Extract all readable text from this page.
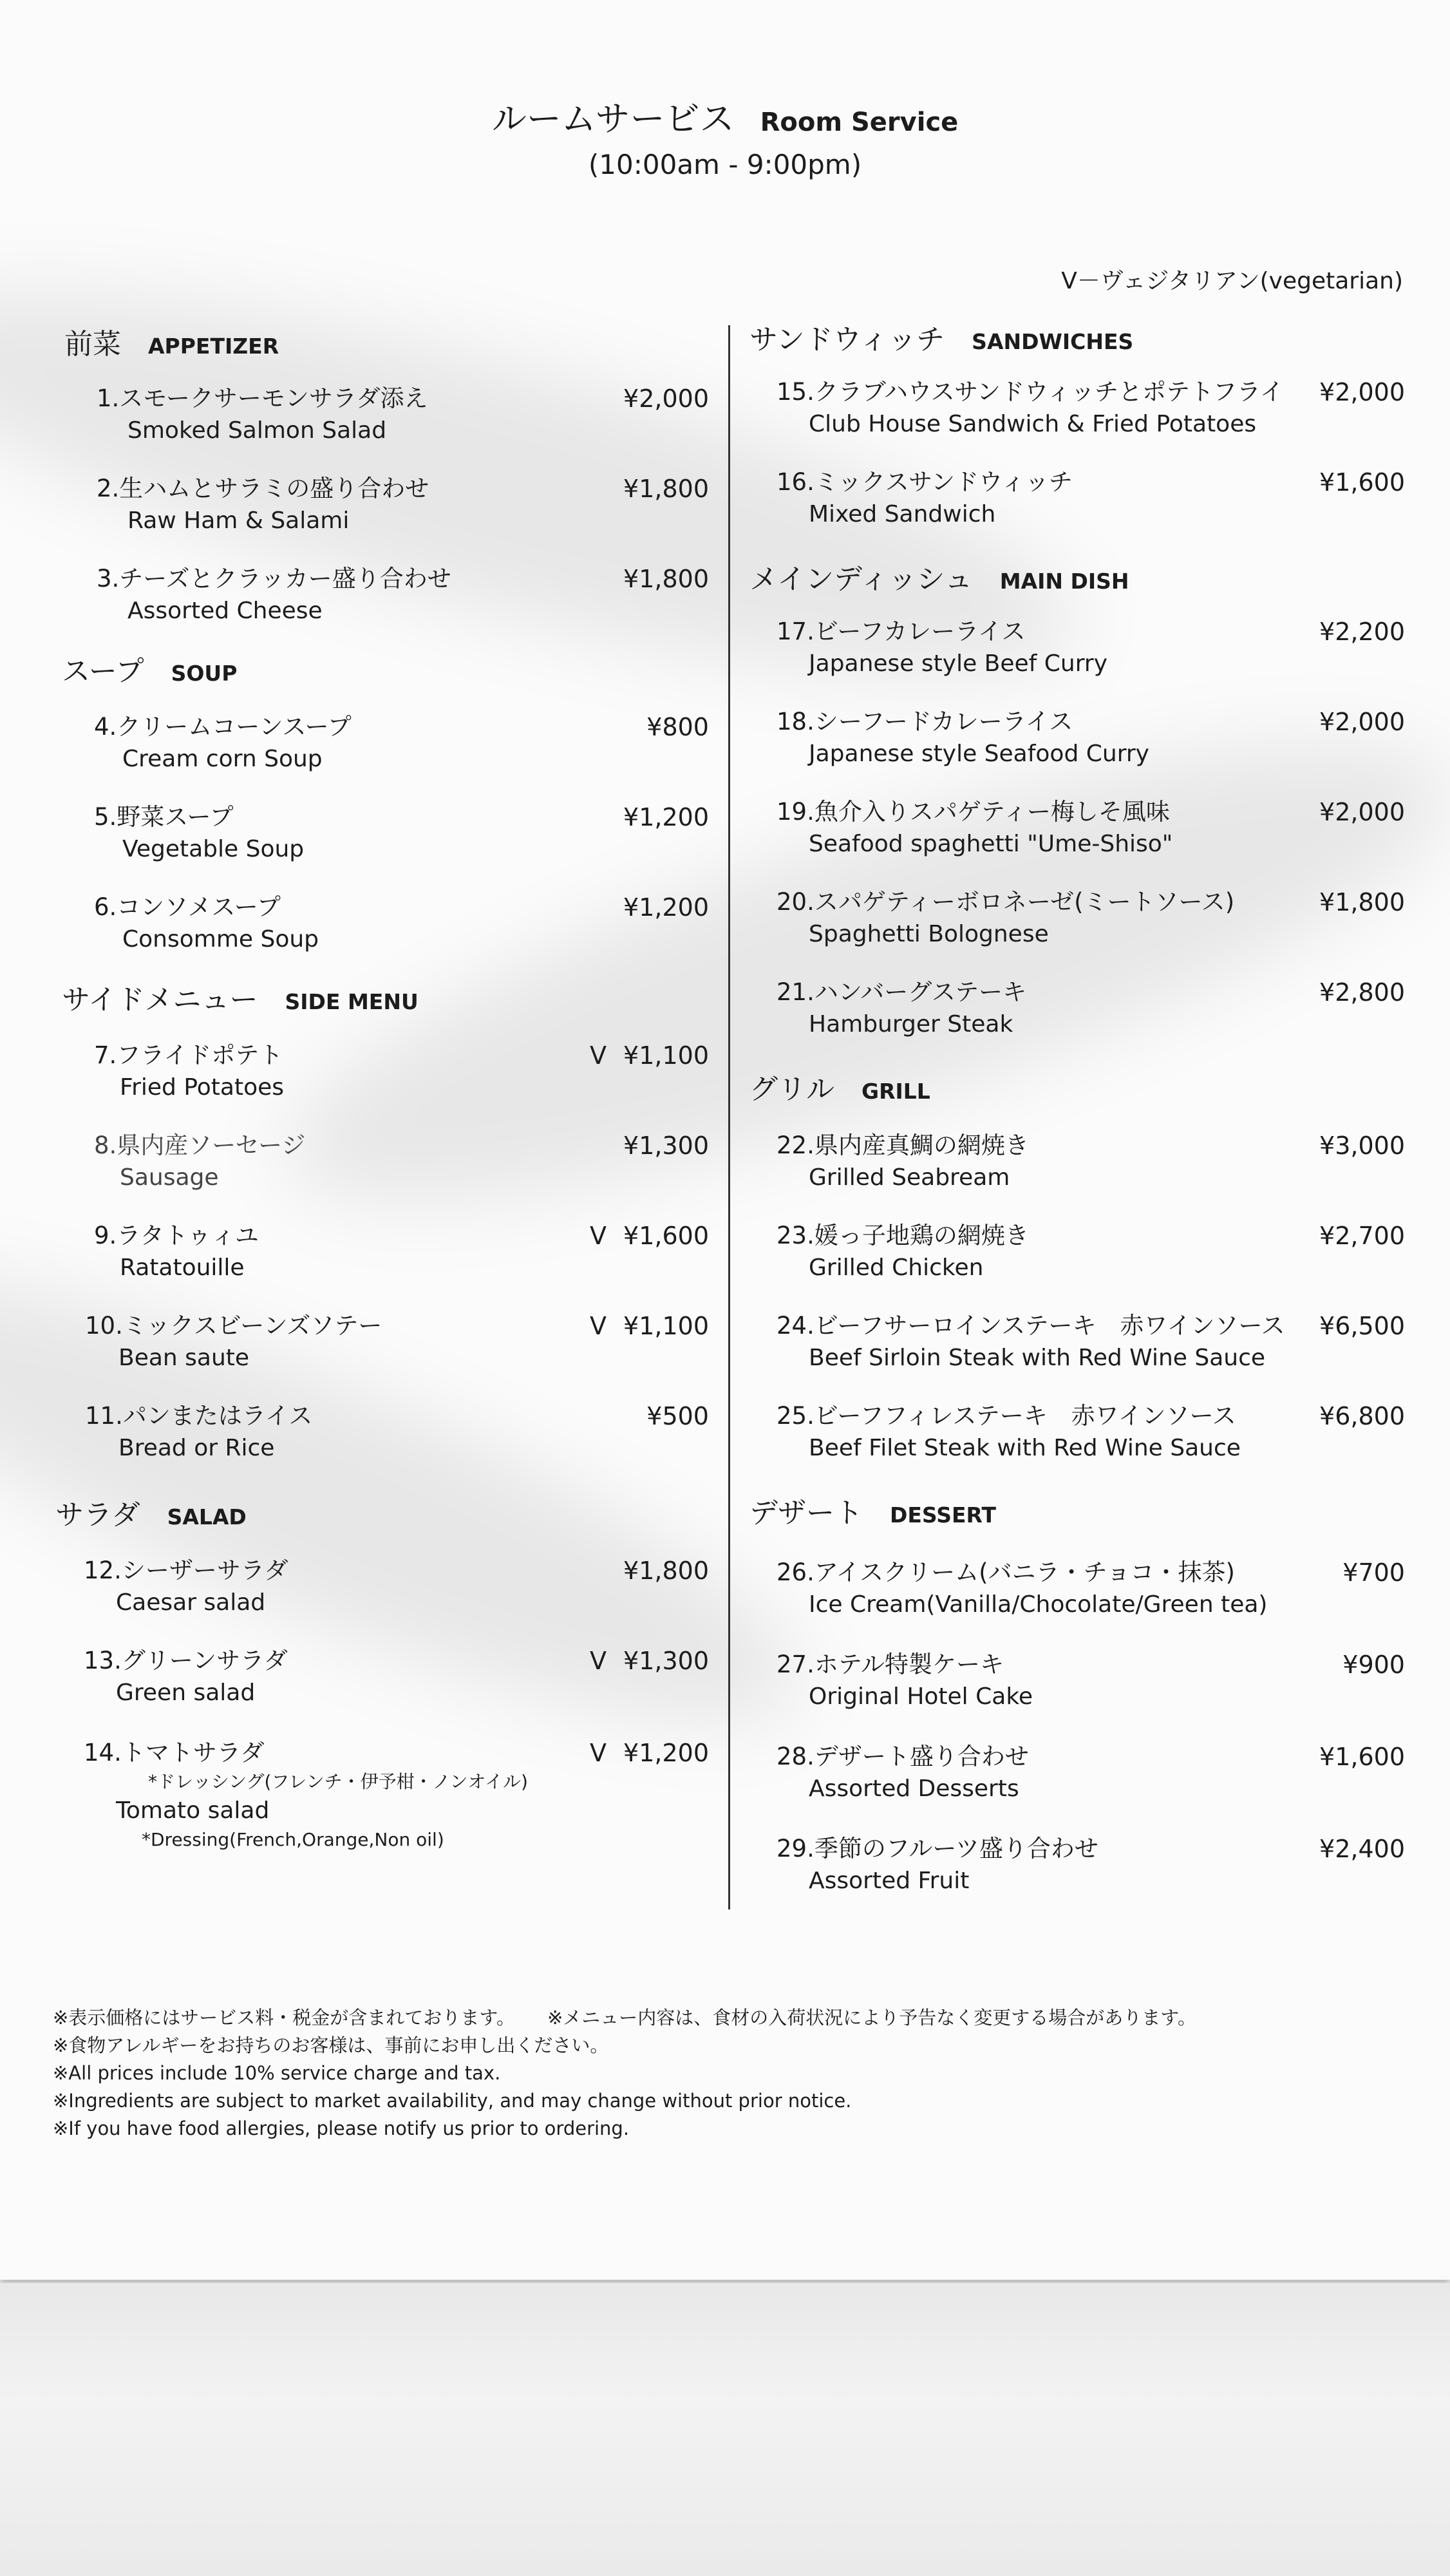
ルームサービス Room Service
(10:00am - 9:00pm)
V－ヴェジタリアン(vegetarian)
前菜 APPETIZER
1.スモークサーモンサラダ添え
Smoked Salmon Salad
¥2,000
2.生ハムとサラミの盛り合わせ
Raw Ham & Salami
¥1,800
3.チーズとクラッカー盛り合わせ
Assorted Cheese
¥1,800
スープ SOUP
4.クリームコーンスープ
Cream corn Soup
¥800
5.野菜スープ
Vegetable Soup
¥1,200
6.コンソメスープ
Consomme Soup
¥1,200
サイドメニュー SIDE MENU
7.フライドポテト
Fried Potatoes
V ¥1,100
8.県内産ソーセージ
Sausage
¥1,300
9.ラタトゥィユ
Ratatouille
V ¥1,600
10.ミックスビーンズソテー
Bean saute
V ¥1,100
11.パンまたはライス
Bread or Rice
¥500
サラダ SALAD
12.シーザーサラダ
Caesar salad
¥1,800
13.グリーンサラダ
Green salad
V ¥1,300
14.トマトサラダ
*ドレッシング(フレンチ・伊予柑・ノンオイル)
Tomato salad
*Dressing(French,Orange,Non oil)
V ¥1,200
サンドウィッチ SANDWICHES
15.クラブハウスサンドウィッチとポテトフライ
Club House Sandwich & Fried Potatoes
¥2,000
16.ミックスサンドウィッチ
Mixed Sandwich
¥1,600
メインディッシュ MAIN DISH
17.ビーフカレーライス
Japanese style Beef Curry
¥2,200
18.シーフードカレーライス
Japanese style Seafood Curry
¥2,000
19.魚介入りスパゲティー梅しそ風味
Seafood spaghetti "Ume-Shiso"
¥2,000
20.スパゲティーボロネーゼ(ミートソース)
Spaghetti Bolognese
¥1,800
21.ハンバーグステーキ
Hamburger Steak
¥2,800
グリル GRILL
22.県内産真鯛の網焼き
Grilled Seabream
¥3,000
23.媛っ子地鶏の網焼き
Grilled Chicken
¥2,700
24.ビーフサーロインステーキ　赤ワインソース
Beef Sirloin Steak with Red Wine Sauce
¥6,500
25.ビーフフィレステーキ　赤ワインソース
Beef Filet Steak with Red Wine Sauce
¥6,800
デザート DESSERT
26.アイスクリーム(バニラ・チョコ・抹茶)
Ice Cream(Vanilla/Chocolate/Green tea)
¥700
27.ホテル特製ケーキ
Original Hotel Cake
¥900
28.デザート盛り合わせ
Assorted Desserts
¥1,600
29.季節のフルーツ盛り合わせ
Assorted Fruit
¥2,400
※表示価格にはサービス料・税金が含まれております。 ※メニュー内容は、食材の入荷状況により予告なく変更する場合があります。
※食物アレルギーをお持ちのお客様は、事前にお申し出ください。
※All prices include 10% service charge and tax.
※Ingredients are subject to market availability, and may change without prior notice.
※If you have food allergies, please notify us prior to ordering.
